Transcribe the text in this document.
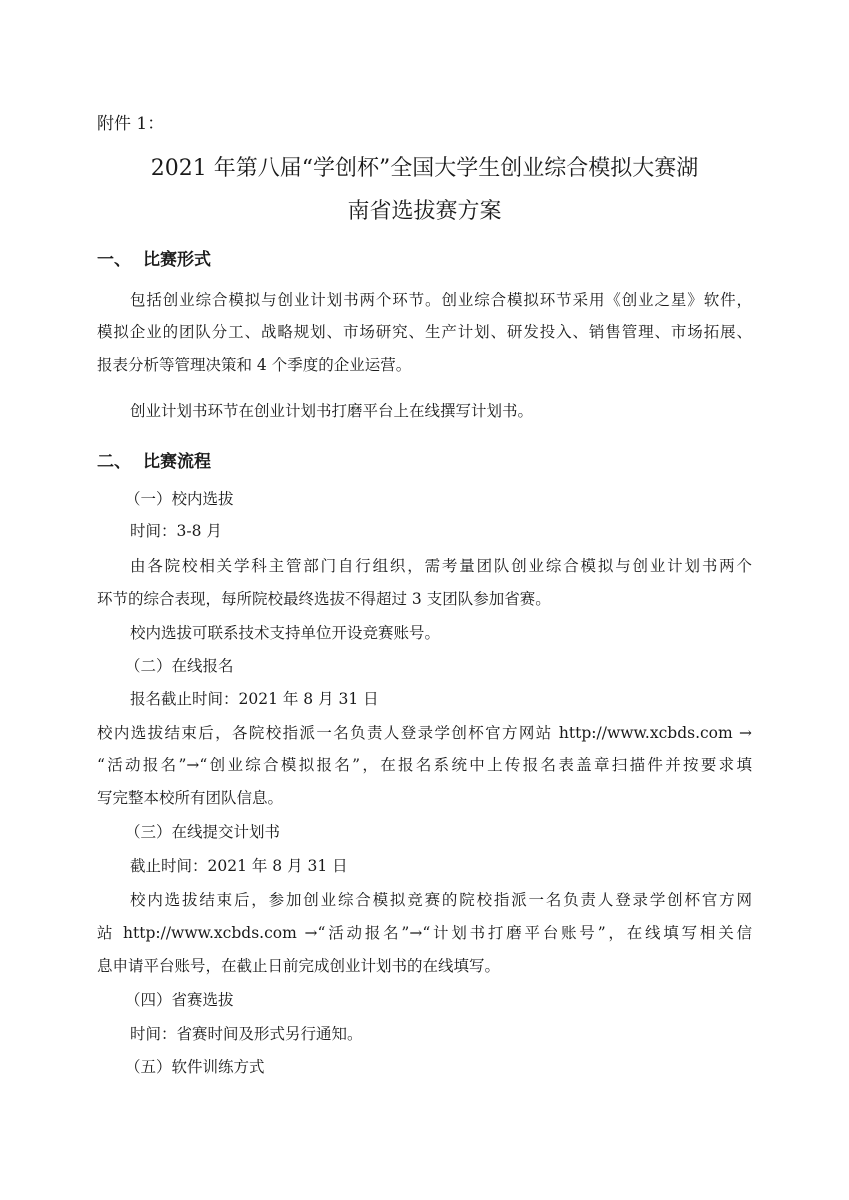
附件 1：

2021 年第八届“学创杯”全国大学生创业综合模拟大赛湖

南省选拔赛方案

一、 比赛形式

包括创业综合模拟与创业计划书两个环节。创业综合模拟环节采用《创业之星》软件，

模拟企业的团队分工、战略规划、市场研究、生产计划、研发投入、销售管理、市场拓展、

报表分析等管理决策和 4 个季度的企业运营。

创业计划书环节在创业计划书打磨平台上在线撰写计划书。

二、 比赛流程

（一）校内选拔

时间：3-8 月

由各院校相关学科主管部门自行组织，需考量团队创业综合模拟与创业计划书两个

环节的综合表现，每所院校最终选拔不得超过 3 支团队参加省赛。

校内选拔可联系技术支持单位开设竞赛账号。

（二）在线报名

报名截止时间：2021 年 8 月 31 日

校内选拔结束后，各院校指派一名负责人登录学创杯官方网站 http://www.xcbds.com →

“活动报名”→“创业综合模拟报名”，在报名系统中上传报名表盖章扫描件并按要求填

写完整本校所有团队信息。

（三）在线提交计划书

截止时间：2021 年 8 月 31 日

校内选拔结束后，参加创业综合模拟竞赛的院校指派一名负责人登录学创杯官方网

站 http://www.xcbds.com →“活动报名”→“计划书打磨平台账号”，在线填写相关信

息申请平台账号，在截止日前完成创业计划书的在线填写。

（四）省赛选拔

时间：省赛时间及形式另行通知。

（五）软件训练方式
